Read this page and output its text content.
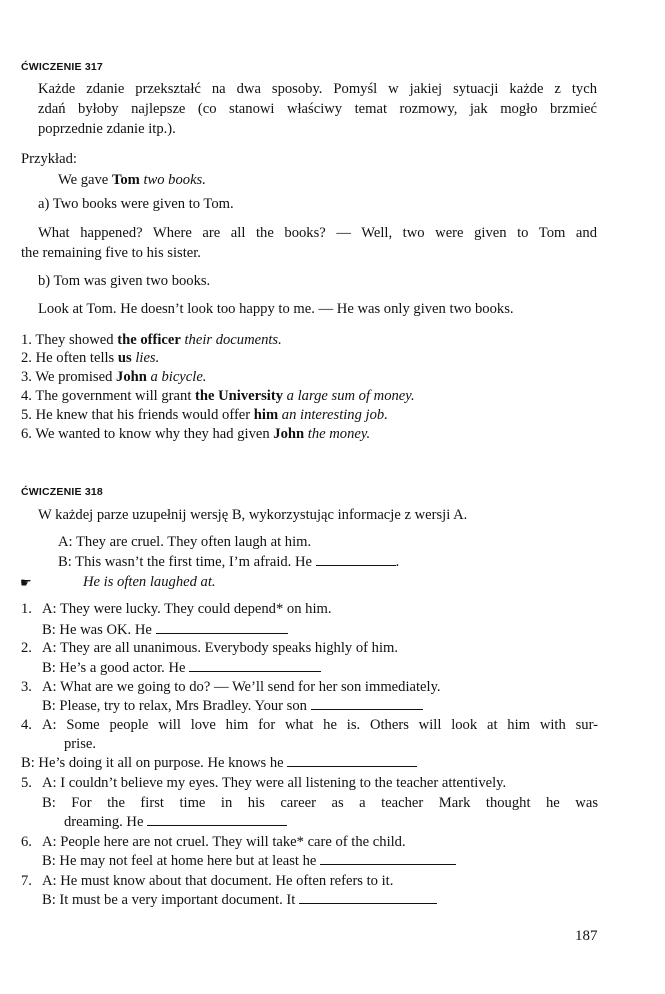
ĆWICZENIE 317
Każde zdanie przekształć na dwa sposoby. Pomyśl w jakiej sytuacji każde z tych
zdań byłoby najlepsze (co stanowi właściwy temat rozmowy, jak mogło brzmieć
poprzednie zdanie itp.).
Przykład:
We gave Tom two books.
a) Two books were given to Tom.
What happened? Where are all the books? — Well, two were given to Tom and
the remaining five to his sister.
b) Tom was given two books.
Look at Tom. He doesn’t look too happy to me. — He was only given two books.
1. They showed the officer their documents.
2. He often tells us lies.
3. We promised John a bicycle.
4. The government will grant the University a large sum of money.
5. He knew that his friends would offer him an interesting job.
6. We wanted to know why they had given John the money.
ĆWICZENIE 318
W każdej parze uzupełnij wersję B, wykorzystując informacje z wersji A.
A: They are cruel. They often laugh at him.
B: This wasn’t the first time, I’m afraid. He	.
☛	He is often laughed at.
1. A: They were lucky. They could depend* on him.
B: He was OK. He
2. A: They are all unanimous. Everybody speaks highly of him.
B: He’s a good actor. He
3. A: What are we going to do? — We’ll send for her son immediately.
B: Please, try to relax, Mrs Bradley. Your son
4. A: Some people will love him for what he is. Others will look at him with sur-
prise.
B: He’s doing it all on purpose. He knows he
5. A: I couldn’t believe my eyes. They were all listening to the teacher attentively.
B: For the first time in his career as a teacher Mark thought he was
dreaming. He
6. A: People here are not cruel. They will take* care of the child.
B: He may not feel at home here but at least he
7. A: He must know about that document. He often refers to it.
B: It must be a very important document. It
187
